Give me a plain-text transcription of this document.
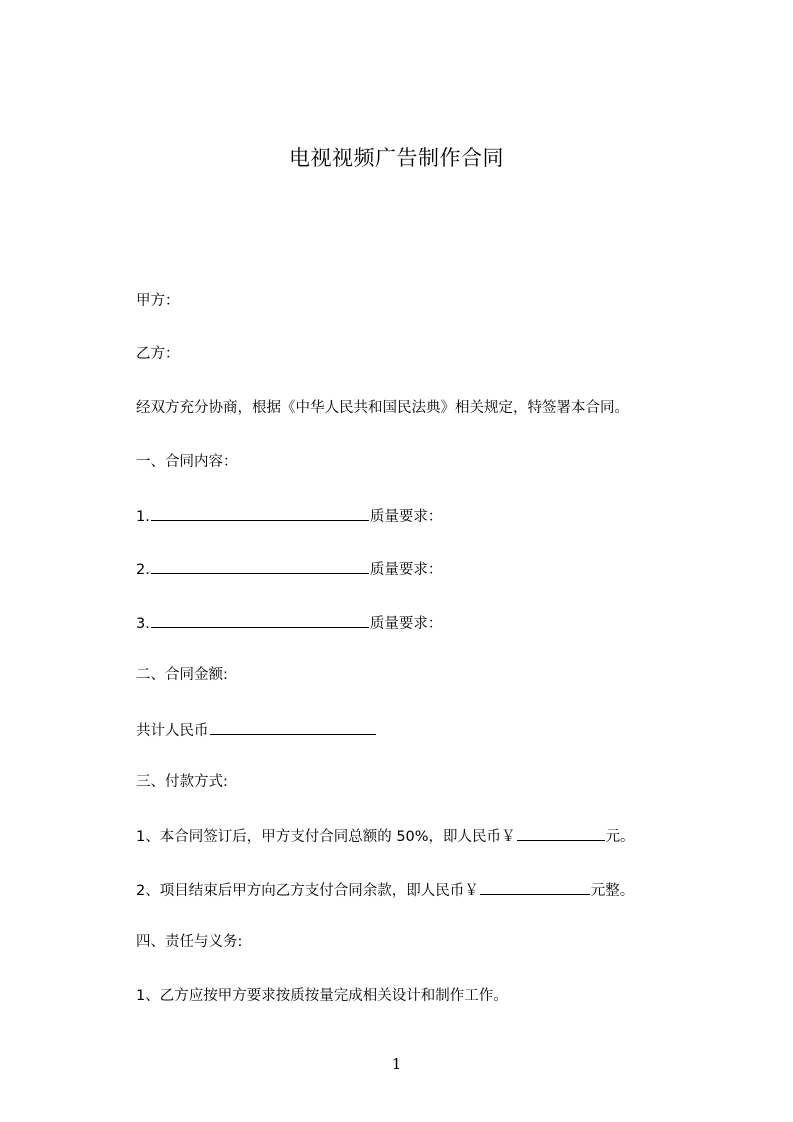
电视视频广告制作合同
甲方：
乙方：
经双方充分协商，根据《中华人民共和国民法典》相关规定，特签署本合同。
一、合同内容：
1.	质量要求：
2.	质量要求：
3.	质量要求：
二、合同金额:
共计人民币
三、付款方式:
1、本合同签订后，甲方支付合同总额的 50%，即人民币￥	元。
2、项目结束后甲方向乙方支付合同余款，即人民币￥	元整。
四、责任与义务:
1、乙方应按甲方要求按质按量完成相关设计和制作工作。
1
